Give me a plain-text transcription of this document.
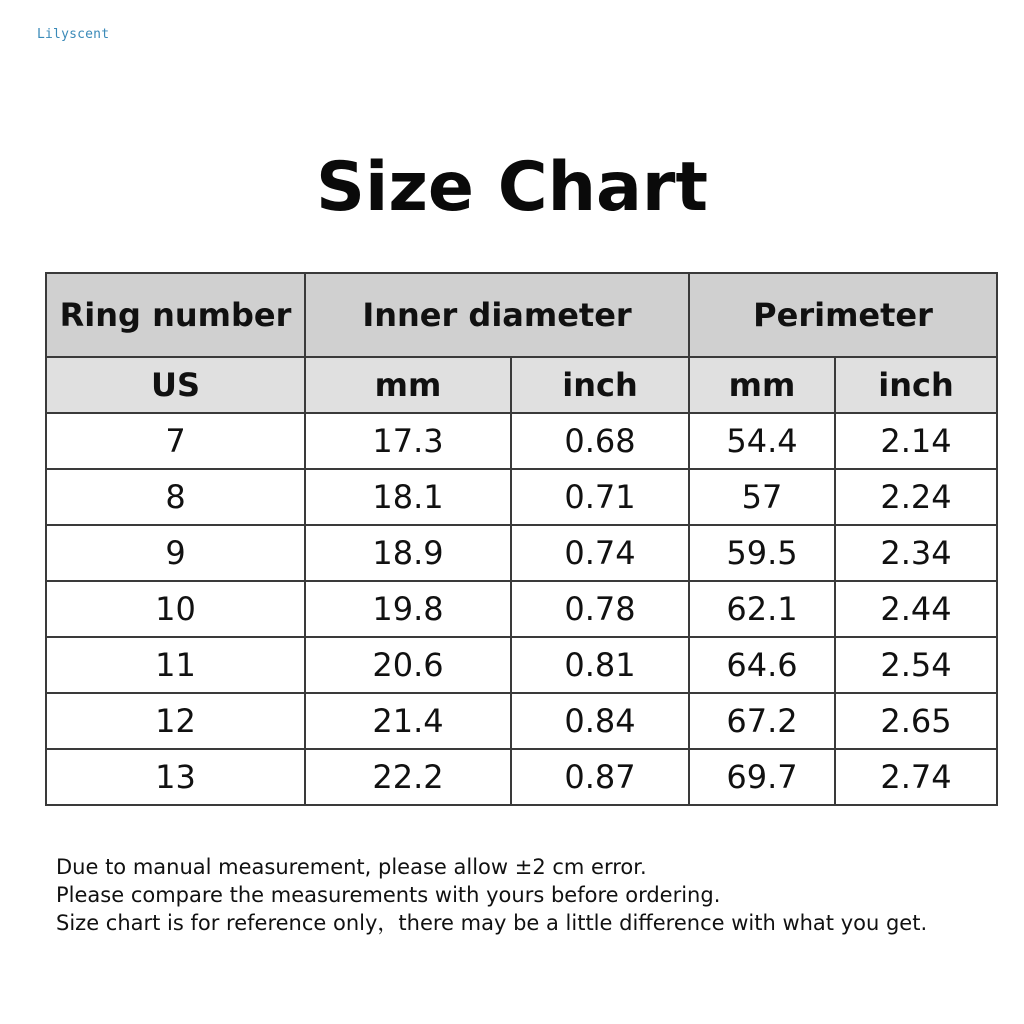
Lilyscent
Size Chart
Ring number	Inner diameter		Perimeter	
US	mm	inch	mm	inch
7	17.3	0.68	54.4	2.14
8	18.1	0.71	57	2.24
9	18.9	0.74	59.5	2.34
10	19.8	0.78	62.1	2.44
11	20.6	0.81	64.6	2.54
12	21.4	0.84	67.2	2.65
13	22.2	0.87	69.7	2.74
Due to manual measurement, please allow ±2 cm error.
Please compare the measurements with yours before ordering.
Size chart is for reference only，there may be a little difference with what you get.
